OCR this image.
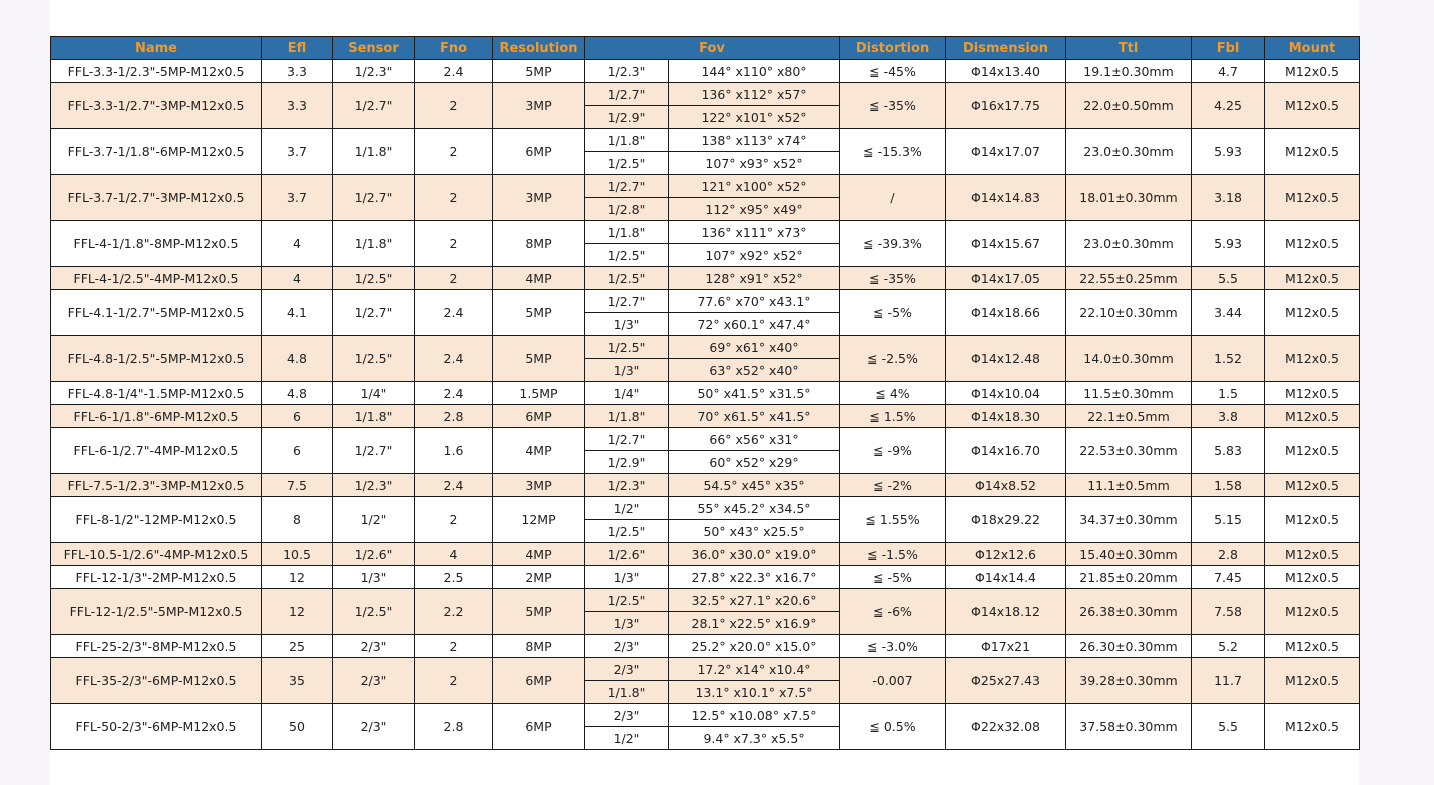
Name	Efl	Sensor	Fno	Resolution	Fov		Distortion	Dismension	Ttl	Fbl	Mount
FFL-3.3-1/2.3"-5MP-M12x0.5	3.3	1/2.3"	2.4	5MP	1/2.3"	144° x110° x80°	≦ -45%	Φ14x13.40	19.1±0.30mm	4.7	M12x0.5
FFL-3.3-1/2.7"-3MP-M12x0.5	3.3	1/2.7"	2	3MP	1/2.7"	136° x112° x57°	≦ -35%	Φ16x17.75	22.0±0.50mm	4.25	M12x0.5
					1/2.9"	122° x101° x52°					
FFL-3.7-1/1.8"-6MP-M12x0.5	3.7	1/1.8"	2	6MP	1/1.8"	138° x113° x74°	≦ -15.3%	Φ14x17.07	23.0±0.30mm	5.93	M12x0.5
					1/2.5"	107° x93° x52°					
FFL-3.7-1/2.7"-3MP-M12x0.5	3.7	1/2.7"	2	3MP	1/2.7"	121° x100° x52°	/	Φ14x14.83	18.01±0.30mm	3.18	M12x0.5
					1/2.8"	112° x95° x49°					
FFL-4-1/1.8"-8MP-M12x0.5	4	1/1.8"	2	8MP	1/1.8"	136° x111° x73°	≦ -39.3%	Φ14x15.67	23.0±0.30mm	5.93	M12x0.5
					1/2.5"	107° x92° x52°					
FFL-4-1/2.5"-4MP-M12x0.5	4	1/2.5"	2	4MP	1/2.5"	128° x91° x52°	≦ -35%	Φ14x17.05	22.55±0.25mm	5.5	M12x0.5
FFL-4.1-1/2.7"-5MP-M12x0.5	4.1	1/2.7"	2.4	5MP	1/2.7"	77.6° x70° x43.1°	≦ -5%	Φ14x18.66	22.10±0.30mm	3.44	M12x0.5
					1/3"	72° x60.1° x47.4°					
FFL-4.8-1/2.5"-5MP-M12x0.5	4.8	1/2.5"	2.4	5MP	1/2.5"	69° x61° x40°	≦ -2.5%	Φ14x12.48	14.0±0.30mm	1.52	M12x0.5
					1/3"	63° x52° x40°					
FFL-4.8-1/4"-1.5MP-M12x0.5	4.8	1/4"	2.4	1.5MP	1/4"	50° x41.5° x31.5°	≦ 4%	Φ14x10.04	11.5±0.30mm	1.5	M12x0.5
FFL-6-1/1.8"-6MP-M12x0.5	6	1/1.8"	2.8	6MP	1/1.8"	70° x61.5° x41.5°	≦ 1.5%	Φ14x18.30	22.1±0.5mm	3.8	M12x0.5
FFL-6-1/2.7"-4MP-M12x0.5	6	1/2.7"	1.6	4MP	1/2.7"	66° x56° x31°	≦ -9%	Φ14x16.70	22.53±0.30mm	5.83	M12x0.5
					1/2.9"	60° x52° x29°					
FFL-7.5-1/2.3"-3MP-M12x0.5	7.5	1/2.3"	2.4	3MP	1/2.3"	54.5° x45° x35°	≦ -2%	Φ14x8.52	11.1±0.5mm	1.58	M12x0.5
FFL-8-1/2"-12MP-M12x0.5	8	1/2"	2	12MP	1/2"	55° x45.2° x34.5°	≦ 1.55%	Φ18x29.22	34.37±0.30mm	5.15	M12x0.5
					1/2.5"	50° x43° x25.5°					
FFL-10.5-1/2.6"-4MP-M12x0.5	10.5	1/2.6"	4	4MP	1/2.6"	36.0° x30.0° x19.0°	≦ -1.5%	Φ12x12.6	15.40±0.30mm	2.8	M12x0.5
FFL-12-1/3"-2MP-M12x0.5	12	1/3"	2.5	2MP	1/3"	27.8° x22.3° x16.7°	≦ -5%	Φ14x14.4	21.85±0.20mm	7.45	M12x0.5
FFL-12-1/2.5"-5MP-M12x0.5	12	1/2.5"	2.2	5MP	1/2.5"	32.5° x27.1° x20.6°	≦ -6%	Φ14x18.12	26.38±0.30mm	7.58	M12x0.5
					1/3"	28.1° x22.5° x16.9°					
FFL-25-2/3"-8MP-M12x0.5	25	2/3"	2	8MP	2/3"	25.2° x20.0° x15.0°	≦ -3.0%	Φ17x21	26.30±0.30mm	5.2	M12x0.5
FFL-35-2/3"-6MP-M12x0.5	35	2/3"	2	6MP	2/3"	17.2° x14° x10.4°	-0.007	Φ25x27.43	39.28±0.30mm	11.7	M12x0.5
					1/1.8"	13.1° x10.1° x7.5°					
FFL-50-2/3"-6MP-M12x0.5	50	2/3"	2.8	6MP	2/3"	12.5° x10.08° x7.5°	≦ 0.5%	Φ22x32.08	37.58±0.30mm	5.5	M12x0.5
					1/2"	9.4° x7.3° x5.5°					
